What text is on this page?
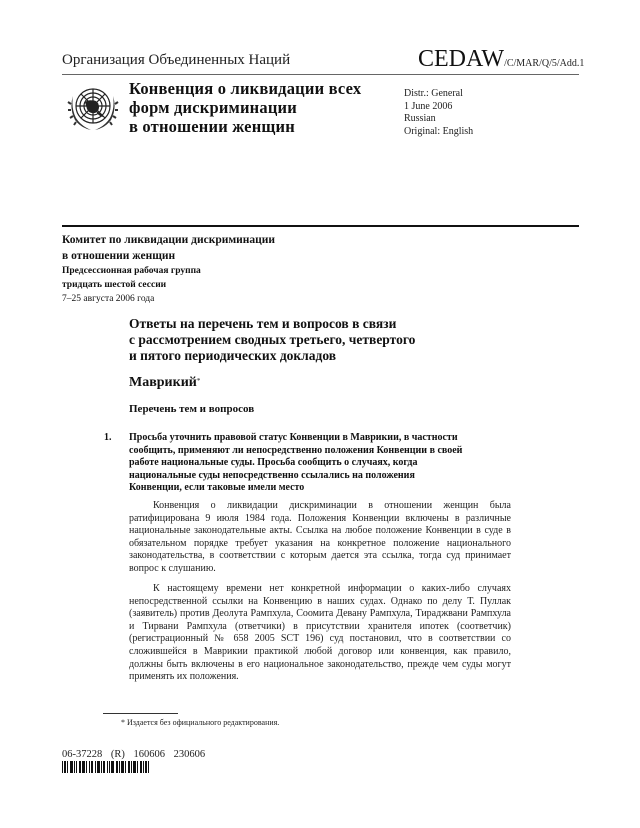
Организация Объединенных Наций	CEDAW/C/MAR/Q/5/Add.1
Конвенция о ликвидации всех
форм дискриминации
в отношении женщин
Distr.: General
1 June 2006
Russian
Original: English
Комитет по ликвидации дискриминации
в отношении женщин
Предсессионная рабочая группа
тридцать шестой сессии
7–25 августа 2006 года
Ответы на перечень тем и вопросов в связи
с рассмотрением сводных третьего, четвертого
и пятого периодических докладов
Маврикий*
Перечень тем и вопросов
1. Просьба уточнить правовой статус Конвенции в Маврикии, в частности сообщить, применяют ли непосредственно положения Конвенции в своей работе национальные суды. Просьба сообщить о случаях, когда национальные суды непосредственно ссылались на положения Конвенции, если таковые имели место

Конвенция о ликвидации дискриминации в отношении женщин была ратифицирована 9 июля 1984 года. Положения Конвенции включены в различные национальные законодательные акты. Ссылка на любое положение Конвенции в суде в обязательном порядке требует указания на конкретное положение национального законодательства, в соответствии с которым дается эта ссылка, тогда суд принимает вопрос к слушанию.

К настоящему времени нет конкретной информации о каких-либо случаях непосредственной ссылки на Конвенцию в наших судах. Однако по делу Т. Пуллак (заявитель) против Деолута Рампхула, Соомита Девану Рампхула, Тираджвани Рампхула и Тирвани Рампхула (ответчики) в присутствии хранителя ипотек (соответчик) (регистрационный № 658 2005 SCT 196) суд постановил, что в соответствии со сложившейся в Маврикии практикой любой договор или конвенция, как правило, должны быть включены в его национальное законодательство, прежде чем суды могут применять их положения.

* Издается без официального редактирования.
06-37228 (R) 160606 230606
